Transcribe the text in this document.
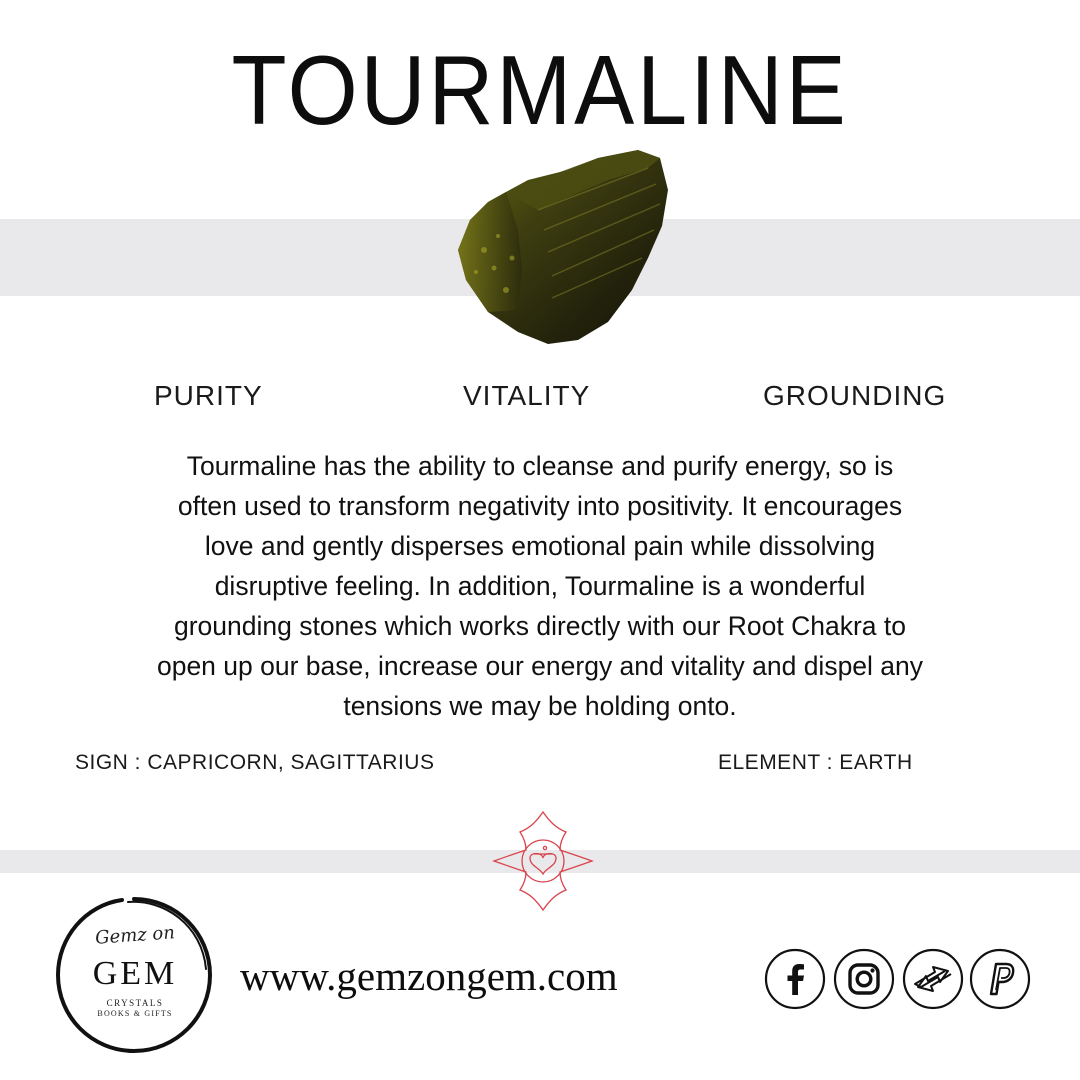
TOURMALINE
PURITY	VITALITY	GROUNDING
Tourmaline has the ability to cleanse and purify energy, so is
often used to transform negativity into positivity. It encourages
love and gently disperses emotional pain while dissolving
disruptive feeling. In addition, Tourmaline is a wonderful
grounding stones which works directly with our Root Chakra to
open up our base, increase our energy and vitality and dispel any
tensions we may be holding onto.
SIGN : CAPRICORN, SAGITTARIUS	ELEMENT : EARTH
Gemz on
GEM
CRYSTALS
BOOKS & GIFTS
www.gemzongem.com
